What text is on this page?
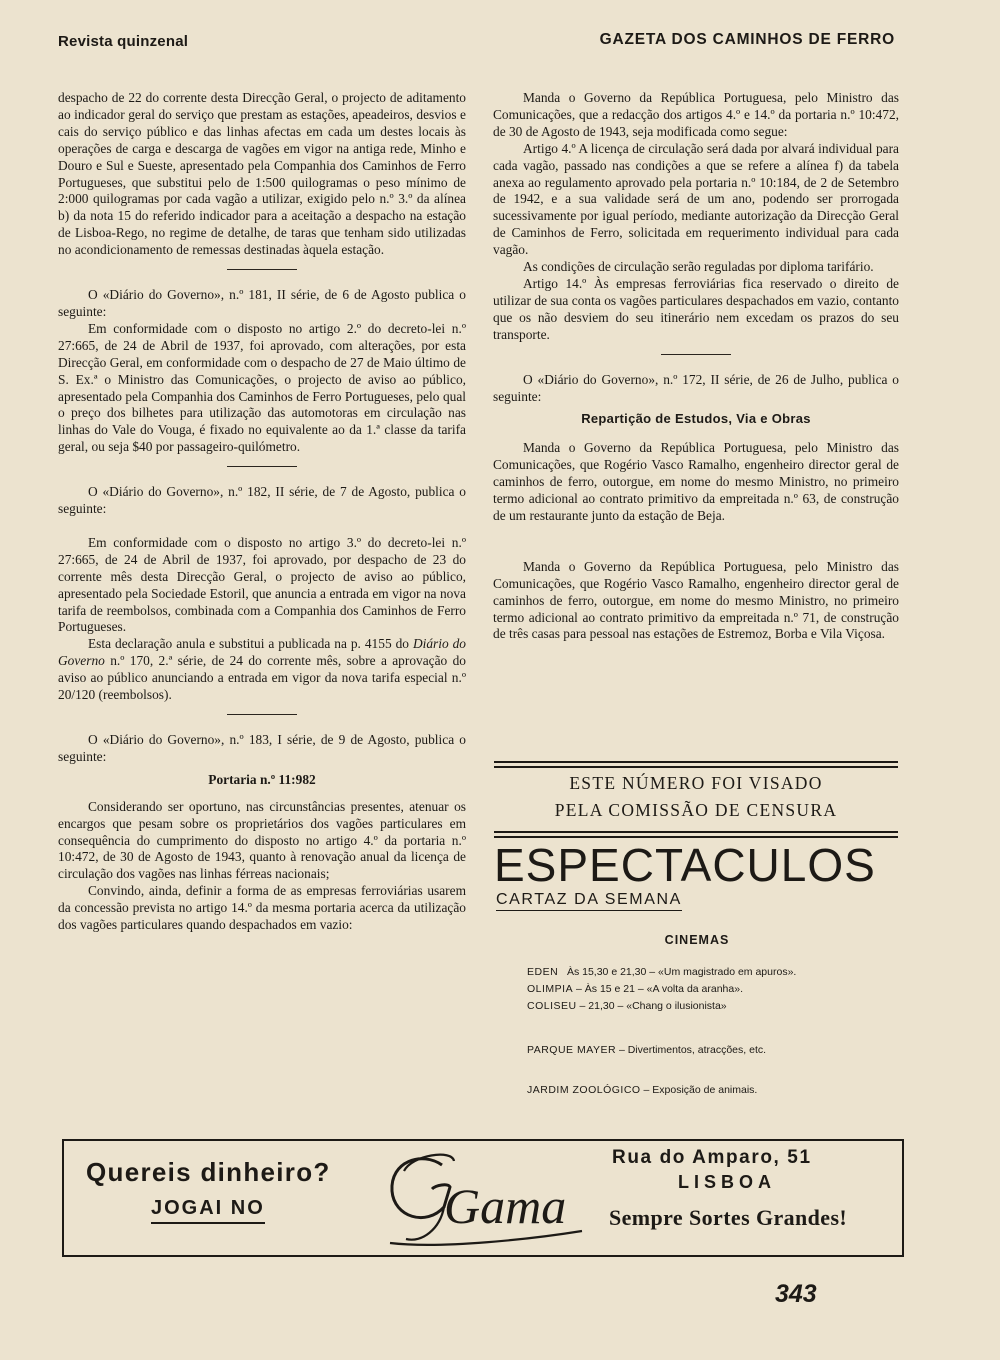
Revista quinzenal	GAZETA DOS CAMINHOS DE FERRO

despacho de 22 do corrente desta Direcção Geral, o projecto de aditamento ao indicador geral do serviço que prestam as estações, apeadeiros, desvios e cais do serviço público e das linhas afectas em cada um destes locais às operações de carga e descarga de vagões em vigor na antiga rede, Minho e Douro e Sul e Sueste, apresentado pela Companhia dos Caminhos de Ferro Portugueses, que substitui pelo de 1:500 quilogramas o peso mínimo de 2:000 quilogramas por cada vagão a utilizar, exigido pelo n.º 3.º da alínea b) da nota 15 do referido indicador para a aceitação a despacho na estação de Lisboa-Rego, no regime de detalhe, de taras que tenham sido utilizadas no acondicionamento de remessas destinadas àquela estação.

O «Diário do Governo», n.º 181, II série, de 6 de Agosto publica o seguinte:

Em conformidade com o disposto no artigo 2.º do decreto-lei n.º 27:665, de 24 de Abril de 1937, foi aprovado, com alterações, por esta Direcção Geral, em conformidade com o despacho de 27 de Maio último de S. Ex.ª o Ministro das Comunicações, o projecto de aviso ao público, apresentado pela Companhia dos Caminhos de Ferro Portugueses, pelo qual o preço dos bilhetes para utilização das automotoras em circulação nas linhas do Vale do Vouga, é fixado no equivalente ao da 1.ª classe da tarifa geral, ou seja $40 por passageiro-quilómetro.

O «Diário do Governo», n.º 182, II série, de 7 de Agosto, publica o seguinte:

Em conformidade com o disposto no artigo 3.º do decreto-lei n.º 27:665, de 24 de Abril de 1937, foi aprovado, por despacho de 23 do corrente mês desta Direcção Geral, o projecto de aviso ao público, apresentado pela Sociedade Estoril, que anuncia a entrada em vigor na nova tarifa de reembolsos, combinada com a Companhia dos Caminhos de Ferro Portugueses.

Esta declaração anula e substitui a publicada na p. 4155 do Diário do Governo n.º 170, 2.ª série, de 24 do corrente mês, sobre a aprovação do aviso ao público anunciando a entrada em vigor da nova tarifa especial n.º 20/120 (reembolsos).

O «Diário do Governo», n.º 183, I série, de 9 de Agosto, publica o seguinte:

Portaria n.º 11:982

Considerando ser oportuno, nas circunstâncias presentes, atenuar os encargos que pesam sobre os proprietários dos vagões particulares em consequência do cumprimento do disposto no artigo 4.º da portaria n.º 10:472, de 30 de Agosto de 1943, quanto à renovação anual da licença de circulação dos vagões nas linhas férreas nacionais;

Convindo, ainda, definir a forma de as empresas ferroviárias usarem da concessão prevista no artigo 14.º da mesma portaria acerca da utilização dos vagões particulares quando despachados em vazio:

Manda o Governo da República Portuguesa, pelo Ministro das Comunicações, que a redacção dos artigos 4.º e 14.º da portaria n.º 10:472, de 30 de Agosto de 1943, seja modificada como segue:

Artigo 4.º A licença de circulação será dada por alvará individual para cada vagão, passado nas condições a que se refere a alínea f) da tabela anexa ao regulamento aprovado pela portaria n.º 10:184, de 2 de Setembro de 1942, e a sua validade será de um ano, podendo ser prorrogada sucessivamente por igual período, mediante autorização da Direcção Geral de Caminhos de Ferro, solicitada em requerimento individual para cada vagão.

As condições de circulação serão reguladas por diploma tarifário.

Artigo 14.º Às empresas ferroviárias fica reservado o direito de utilizar de sua conta os vagões particulares despachados em vazio, contanto que os não desviem do seu itinerário nem excedam os prazos do seu transporte.

O «Diário do Governo», n.º 172, II série, de 26 de Julho, publica o seguinte:

Repartição de Estudos, Via e Obras

Manda o Governo da República Portuguesa, pelo Ministro das Comunicações, que Rogério Vasco Ramalho, engenheiro director geral de caminhos de ferro, outorgue, em nome do mesmo Ministro, no primeiro termo adicional ao contrato primitivo da empreitada n.º 63, de construção de um restaurante junto da estação de Beja.

Manda o Governo da República Portuguesa, pelo Ministro das Comunicações, que Rogério Vasco Ramalho, engenheiro director geral de caminhos de ferro, outorgue, em nome do mesmo Ministro, no primeiro termo adicional ao contrato primitivo da empreitada n.º 71, de construção de três casas para pessoal nas estações de Estremoz, Borba e Vila Viçosa.

ESTE NÚMERO FOI VISADO
PELA COMISSÃO DE CENSURA
ESPECTACULOS
CARTAZ DA SEMANA
CINEMAS
EDEN Às 15,30 e 21,30 – «Um magistrado em apuros».
OLIMPIA – Às 15 e 21 – «A volta da aranha».
COLISEU – 21,30 – «Chang o ilusionista»
PARQUE MAYER – Divertimentos, atracções, etc.
JARDIM ZOOLÓGICO – Exposição de animais.
Quereis dinheiro?
JOGAI NO	Gama
Rua do Amparo, 51
LISBOA
Sempre Sortes Grandes!
343
